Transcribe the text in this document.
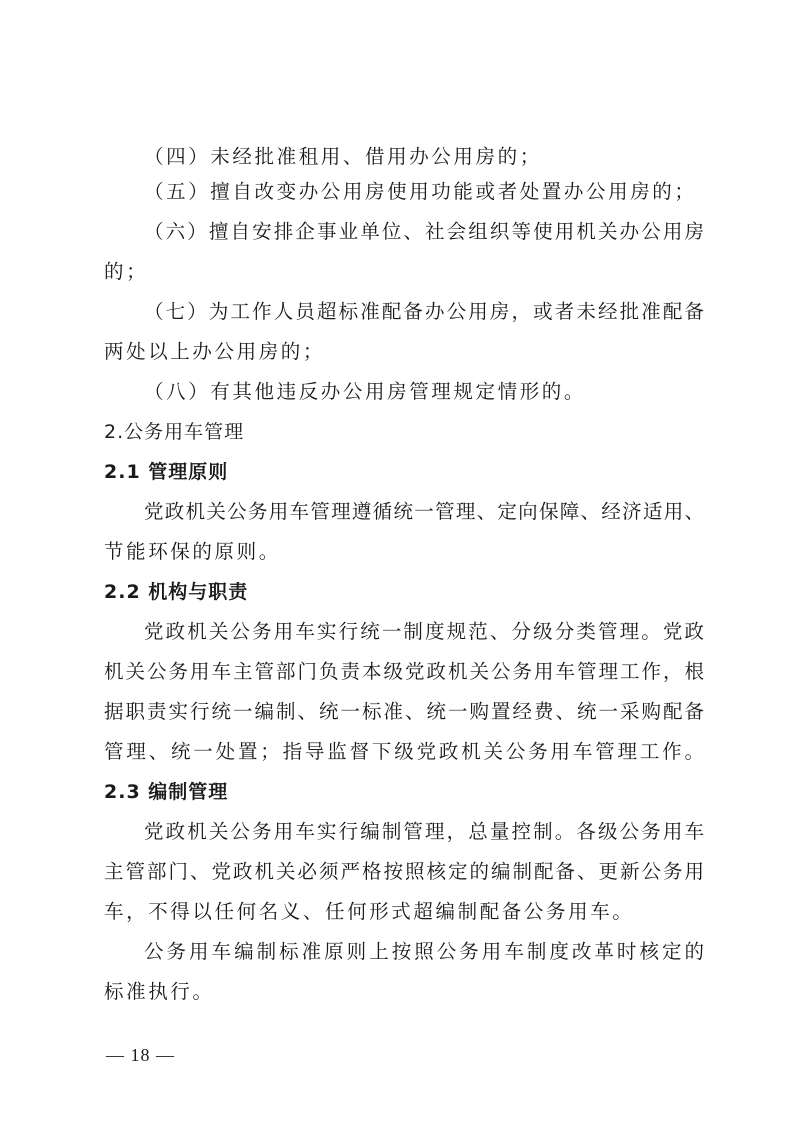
（四）未经批准租用、借用办公用房的；
（五）擅自改变办公用房使用功能或者处置办公用房的；
（六）擅自安排企事业单位、社会组织等使用机关办公用房
的；
（七）为工作人员超标准配备办公用房，或者未经批准配备
两处以上办公用房的；
（八）有其他违反办公用房管理规定情形的。
2.公务用车管理
2.1 管理原则
党政机关公务用车管理遵循统一管理、定向保障、经济适用、
节能环保的原则。
2.2 机构与职责
党政机关公务用车实行统一制度规范、分级分类管理。党政
机关公务用车主管部门负责本级党政机关公务用车管理工作，根
据职责实行统一编制、统一标准、统一购置经费、统一采购配备
管理、统一处置；指导监督下级党政机关公务用车管理工作。
2.3 编制管理
党政机关公务用车实行编制管理，总量控制。各级公务用车
主管部门、党政机关必须严格按照核定的编制配备、更新公务用
车，不得以任何名义、任何形式超编制配备公务用车。
公务用车编制标准原则上按照公务用车制度改革时核定的
标准执行。
— 18 —
